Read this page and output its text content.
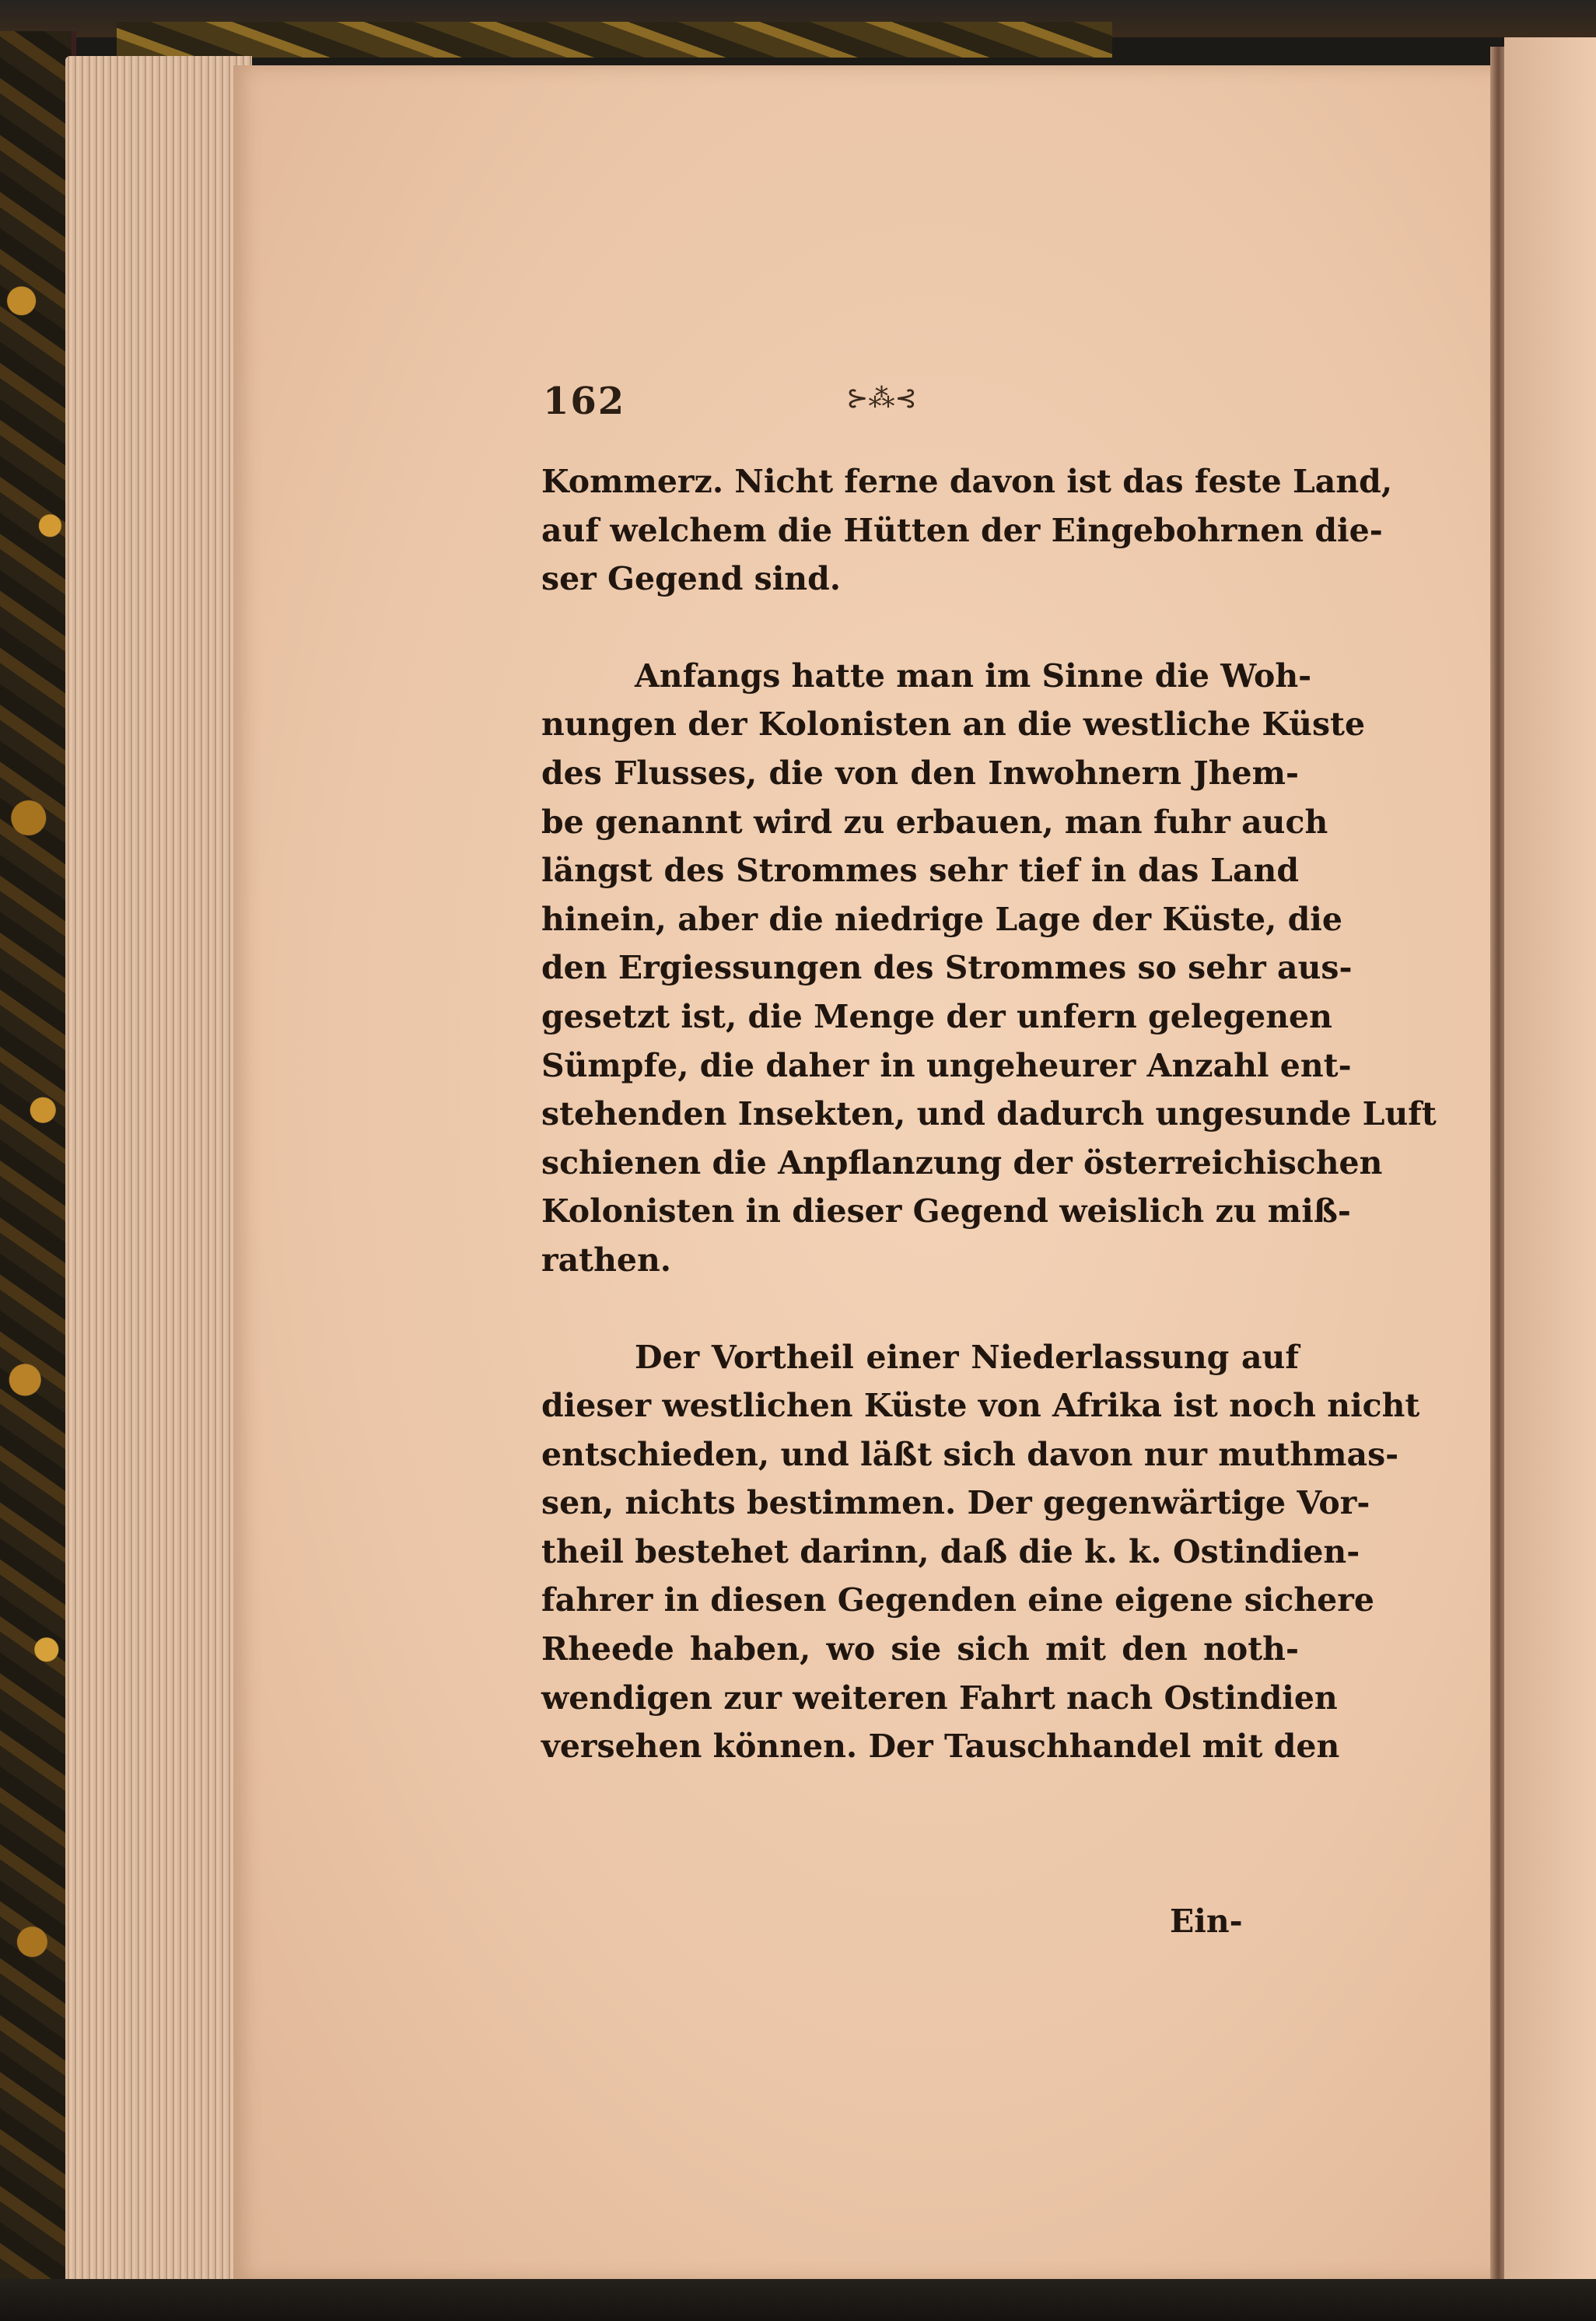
162	⊱⁂⊰
Kommerz. Nicht ferne davon ist das feste Land,
auf welchem die Hütten der Eingebohrnen die-
ser Gegend sind.
Anfangs hatte man im Sinne die Woh-
nungen der Kolonisten an die westliche Küste
des Flusses, die von den Inwohnern Jhem-
be genannt wird zu erbauen, man fuhr auch
längst des Strommes sehr tief in das Land
hinein, aber die niedrige Lage der Küste, die
den Ergiessungen des Strommes so sehr aus-
gesetzt ist, die Menge der unfern gelegenen
Sümpfe, die daher in ungeheurer Anzahl ent-
stehenden Insekten, und dadurch ungesunde Luft
schienen die Anpflanzung der österreichischen
Kolonisten in dieser Gegend weislich zu miß-
rathen.
Der Vortheil einer Niederlassung auf
dieser westlichen Küste von Afrika ist noch nicht
entschieden, und läßt sich davon nur muthmas-
sen, nichts bestimmen. Der gegenwärtige Vor-
theil bestehet darinn, daß die k. k. Ostindien-
fahrer in diesen Gegenden eine eigene sichere
Rheede haben, wo sie sich mit den noth-
wendigen zur weiteren Fahrt nach Ostindien
versehen können. Der Tauschhandel mit den
Ein-
